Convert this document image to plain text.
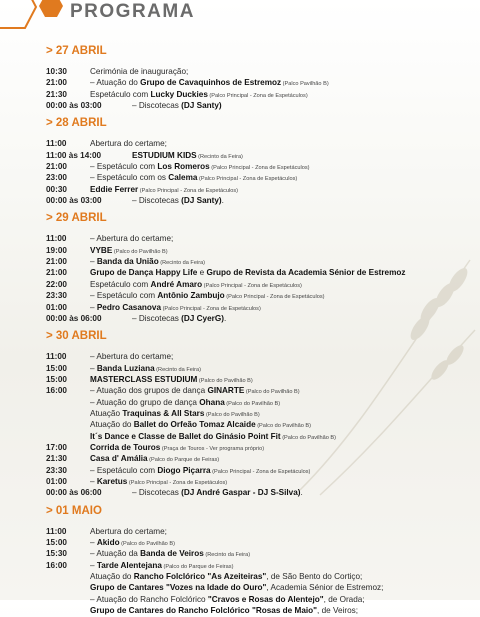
PROGRAMA
> 27 ABRIL
10:30	Cerimónia de inauguração;
21:00	– Atuação do Grupo de Cavaquinhos de Estremoz (Palco Pavilhão B)
21:30	Espetáculo com Lucky Duckies (Palco Principal - Zona de Espetáculos)
00:00 às 03:00	– Discotecas (DJ Santy)
> 28 ABRIL
11:00	Abertura do certame;
11:00 às 14:00	ESTUDIUM KIDS (Recinto da Feira)
21:00	– Espetáculo com Los Romeros (Palco Principal - Zona de Espetáculos)
23:00	– Espetáculo com os Calema (Palco Principal - Zona de Espetáculos)
00:30	Eddie Ferrer (Palco Principal - Zona de Espetáculos)
00:00 às 03:00	– Discotecas (DJ Santy).
> 29 ABRIL
11:00	– Abertura do certame;
19:00	VYBE (Palco do Pavilhão B)
21:00	– Banda da União (Recinto da Feira)
21:00	Grupo de Dança Happy Life e Grupo de Revista da Academia Sénior de Estremoz
22:00	Espetáculo com André Amaro (Palco Principal - Zona de Espetáculos)
23:30	– Espetáculo com Antônio Zambujo (Palco Principal - Zona de Espetáculos)
01:00	– Pedro Casanova (Palco Principal - Zona de Espetáculos)
00:00 às 06:00	– Discotecas (DJ CyerG).
> 30 ABRIL
11:00	– Abertura do certame;
15:00	– Banda Luziana (Recinto da Feira)
15:00	MASTERCLASS ESTUDIUM (Palco do Pavilhão B)
16:00	– Atuação dos grupos de dança GINARTE (Palco do Pavilhão B)
– Atuação do grupo de dança Ohana (Palco do Pavilhão B)
Atuação Traquinas & All Stars (Palco do Pavilhão B)
Atuação do Ballet do Orfeão Tomaz Alcaide (Palco do Pavilhão B)
It´s Dance e Classe de Ballet do Ginásio Point Fit (Palco do Pavilhão B)
17:00	Corrida de Touros (Praça de Touros - Ver programa próprio)
21:30	Casa d' Amália (Palco do Parque de Feiras)
23:30	– Espetáculo com Diogo Piçarra (Palco Principal - Zona de Espetáculos)
01:00	– Karetus (Palco Principal - Zona de Espetáculos)
00:00 às 06:00	– Discotecas (DJ André Gaspar - DJ S-Silva).
> 01 MAIO
11:00	Abertura do certame;
15:00	– Akido (Palco do Pavilhão B)
15:30	– Atuação da Banda de Veiros (Recinto da Feira)
16:00	– Tarde Alentejana (Palco do Parque de Feiras)
Atuação do Rancho Folclórico "As Azeiteiras", de São Bento do Cortiço;
Grupo de Cantares "Vozes na Idade do Ouro", Academia Sénior de Estremoz;
– Atuação do Rancho Folclórico "Cravos e Rosas do Alentejo", de Orada;
Grupo de Cantares do Rancho Folclórico "Rosas de Maio", de Veiros;
